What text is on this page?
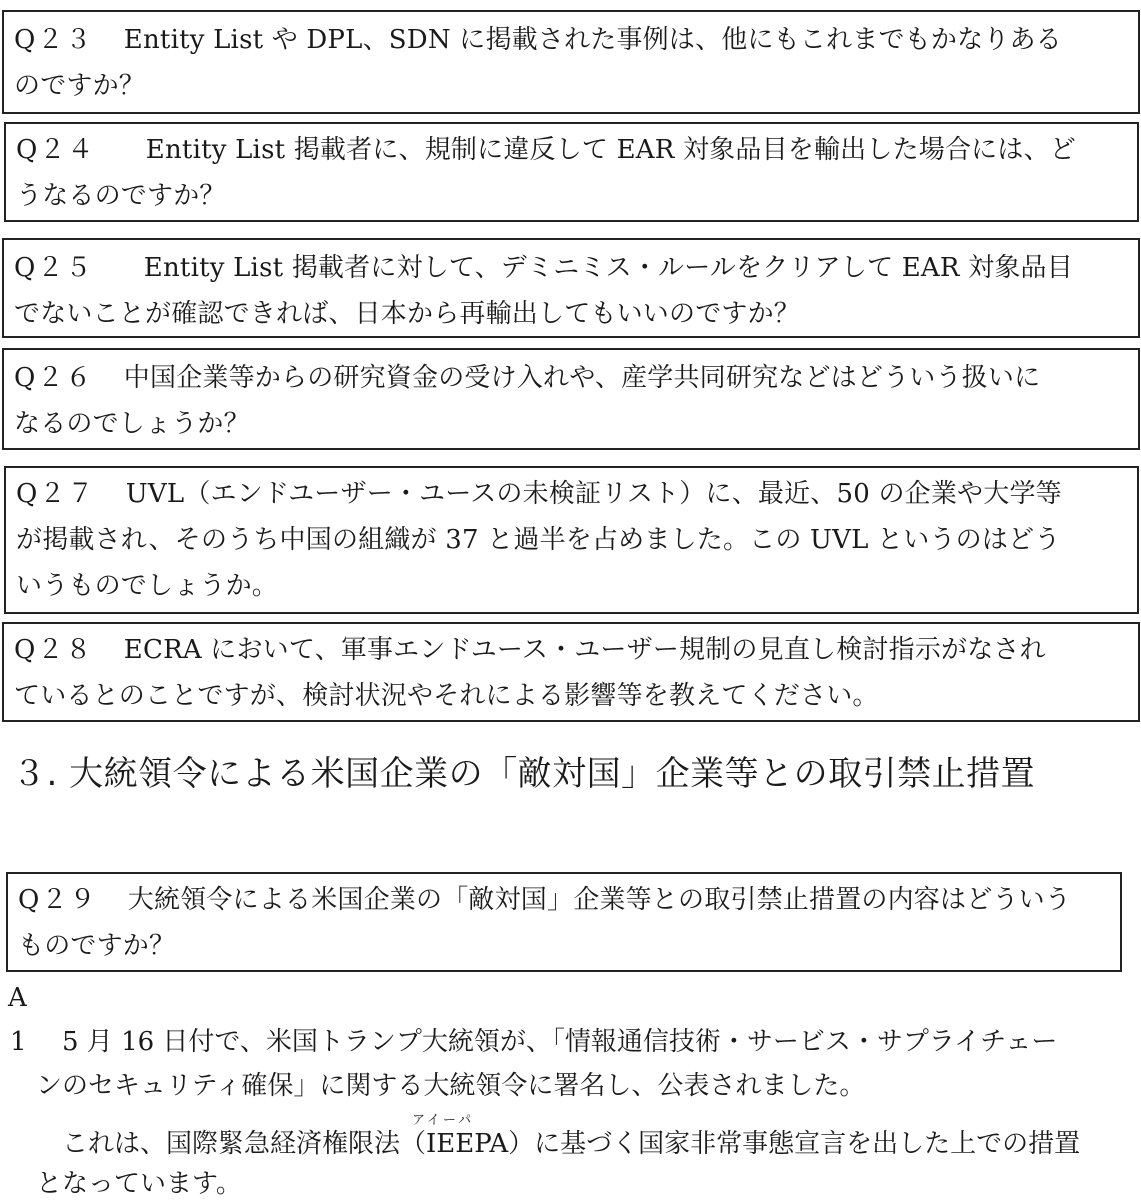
Q２３ Entity List や DPL、SDN に掲載された事例は、他にもこれまでもかなりある
のですか？
Q２４ Entity List 掲載者に、規制に違反して EAR 対象品目を輸出した場合には、ど
うなるのですか？
Q２５ Entity List 掲載者に対して、デミニミス・ルールをクリアして EAR 対象品目
でないことが確認できれば、日本から再輸出してもいいのですか？
Q２６ 中国企業等からの研究資金の受け入れや、産学共同研究などはどういう扱いに
なるのでしょうか？
Q２７ UVL（エンドユーザー・ユースの未検証リスト）に、最近、50 の企業や大学等
が掲載され、そのうち中国の組織が 37 と過半を占めました。この UVL というのはどう
いうものでしょうか。
Q２８ ECRA において、軍事エンドユース・ユーザー規制の見直し検討指示がなされ
ているとのことですが、検討状況やそれによる影響等を教えてください。
３. 大統領令による米国企業の「敵対国」企業等との取引禁止措置
Q２９ 大統領令による米国企業の「敵対国」企業等との取引禁止措置の内容はどういう
ものですか？
A
1 5 月 16 日付で、米国トランプ大統領が、「情報通信技術・サービス・サプライチェー
ンのセキュリティ確保」に関する大統領令に署名し、公表されました。
アイーパ
これは、国際緊急経済権限法（IEEPA）に基づく国家非常事態宣言を出した上での措置
となっています。
